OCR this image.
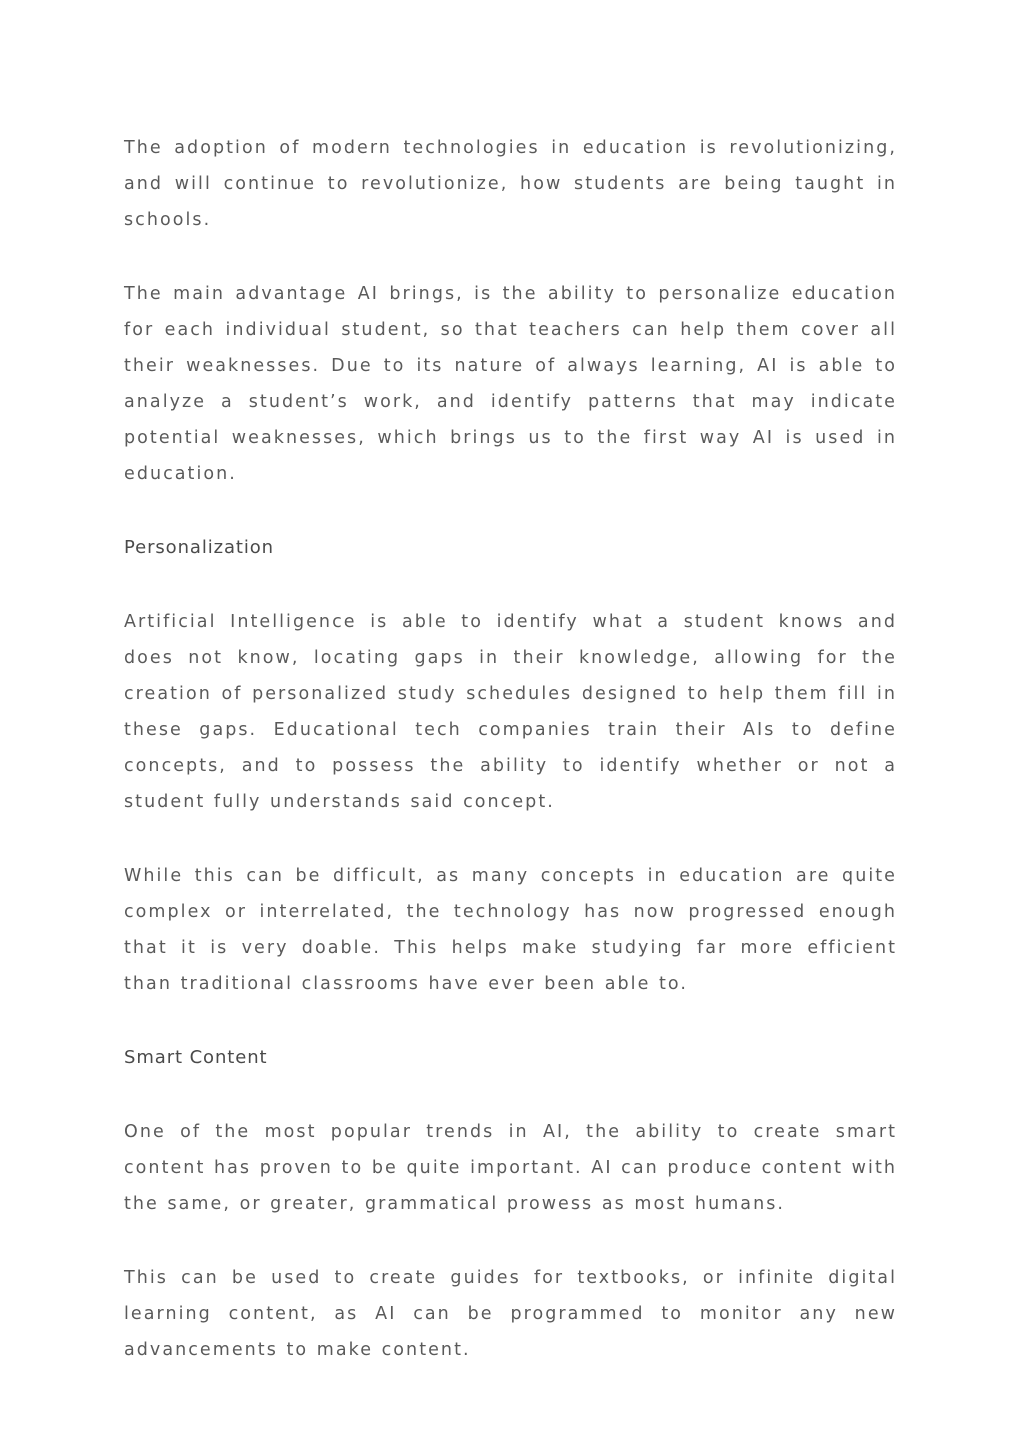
The adoption of modern technologies in education is revolutionizing, and will continue to revolutionize, how students are being taught in schools.

The main advantage AI brings, is the ability to personalize education for each individual student, so that teachers can help them cover all their weaknesses. Due to its nature of always learning, AI is able to analyze a student’s work, and identify patterns that may indicate potential weaknesses, which brings us to the first way AI is used in education.

Personalization

Artificial Intelligence is able to identify what a student knows and does not know, locating gaps in their knowledge, allowing for the creation of personalized study schedules designed to help them fill in these gaps. Educational tech companies train their AIs to define concepts, and to possess the ability to identify whether or not a student fully understands said concept.

While this can be difficult, as many concepts in education are quite complex or interrelated, the technology has now progressed enough that it is very doable. This helps make studying far more efficient than traditional classrooms have ever been able to.

Smart Content

One of the most popular trends in AI, the ability to create smart content has proven to be quite important. AI can produce content with the same, or greater, grammatical prowess as most humans.

This can be used to create guides for textbooks, or infinite digital learning content, as AI can be programmed to monitor any new advancements to make content.
